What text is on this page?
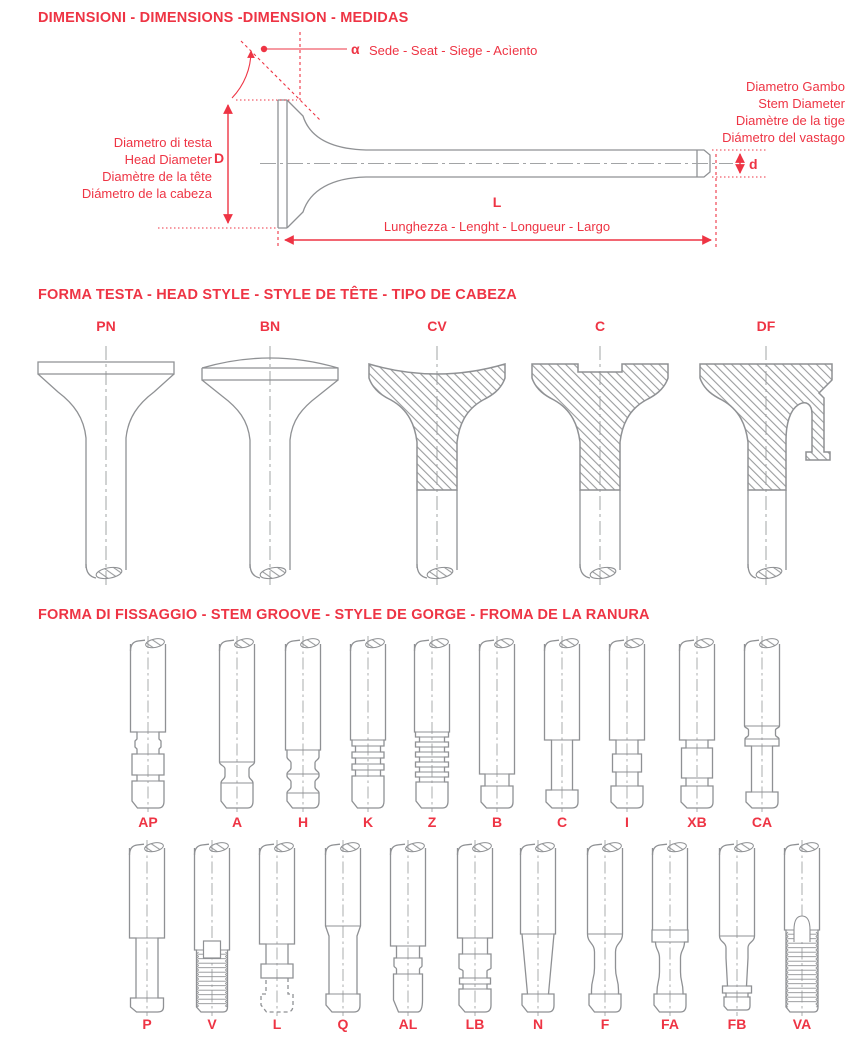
DIMENSIONI - DIMENSIONS -DIMENSION - MEDIDAS
α Sede - Seat - Siege - Acìento
Diametro di testa
Head Diameter
Diamètre de la tête
Diámetro de la cabeza
D
Diametro Gambo
Stem Diameter
Diamètre de la tige
Diámetro del vastago
d
L
Lunghezza - Lenght - Longueur - Largo
FORMA TESTA - HEAD STYLE - STYLE DE TÊTE - TIPO DE CABEZA
PN	BN	CV	C	DF
FORMA DI FISSAGGIO - STEM GROOVE - STYLE DE GORGE - FROMA DE LA RANURA
AP	A	H	K	Z	B	C	I	XB	CA
P	V	L	Q	AL	LB	N	F	FA	FB	VA
